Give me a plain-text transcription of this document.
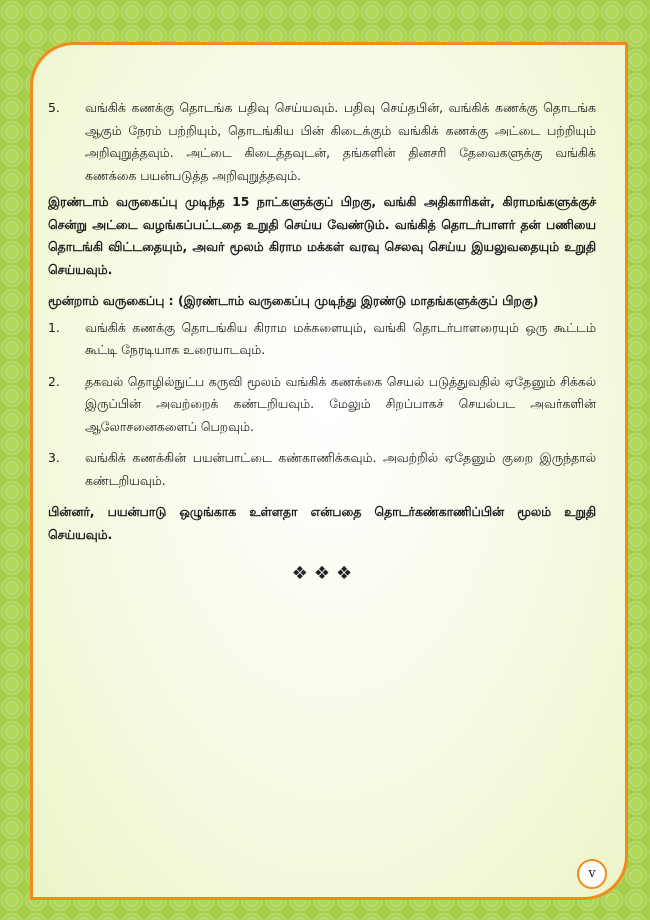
5.	வங்கிக் கணக்கு தொடங்க பதிவு செய்யவும். பதிவு செய்தபின், வங்கிக் கணக்கு தொடங்க ஆகும் நேரம் பற்றியும், தொடங்கிய பின் கிடைக்கும் வங்கிக் கணக்கு அட்டை பற்றியும் அறிவுறுத்தவும். அட்டை கிடைத்தவுடன், தங்களின் தினசரி தேவைகளுக்கு வங்கிக் கணக்கை பயன்படுத்த அறிவுறுத்தவும்.

இரண்டாம் வருகைப்பு முடிந்த 15 நாட்களுக்குப் பிறகு, வங்கி அதிகாரிகள், கிராமங்களுக்குச் சென்று அட்டை வழங்கப்பட்டதை உறுதி செய்ய வேண்டும். வங்கித் தொடர்பாளர் தன் பணியை தொடங்கி விட்டதையும், அவர் மூலம் கிராம மக்கள் வரவு செலவு செய்ய இயலுவதையும் உறுதி செய்யவும்.

மூன்றாம் வருகைப்பு : (இரண்டாம் வருகைப்பு முடிந்து இரண்டு மாதங்களுக்குப் பிறகு)

1.	வங்கிக் கணக்கு தொடங்கிய கிராம மக்களையும், வங்கி தொடர்பாளரையும் ஒரு கூட்டம் கூட்டி நேரடியாக உரையாடவும்.
2.	தகவல் தொழில்நுட்ப கருவி மூலம் வங்கிக் கணக்கை செயல் படுத்துவதில் ஏதேனும் சிக்கல் இருப்பின் அவற்றைக் கண்டறியவும். மேலும் சிறப்பாகச் செயல்பட அவர்களின் ஆலோசனைகளைப் பெறவும்.
3.	வங்கிக் கணக்கின் பயன்பாட்டை கண்காணிக்கவும். அவற்றில் ஏதேனும் குறை இருந்தால் கண்டறியவும்.

பின்னர், பயன்பாடு ஒழுங்காக உள்ளதா என்பதை தொடர்கண்காணிப்பின் மூலம் உறுதி செய்யவும்.

❖❖❖
v
